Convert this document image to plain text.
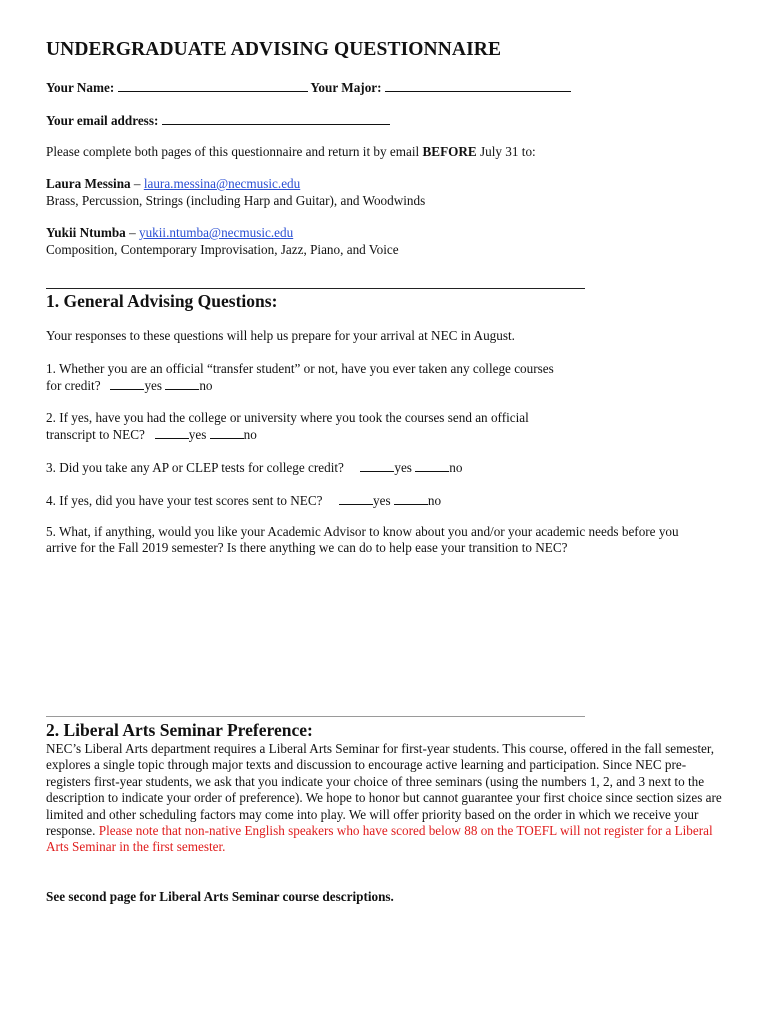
UNDERGRADUATE ADVISING QUESTIONNAIRE
Your Name:	Your Major:
Your email address:
Please complete both pages of this questionnaire and return it by email BEFORE July 31 to:
Laura Messina – laura.messina@necmusic.edu
Brass, Percussion, Strings (including Harp and Guitar), and Woodwinds
Yukii Ntumba – yukii.ntumba@necmusic.edu
Composition, Contemporary Improvisation, Jazz, Piano, and Voice
1. General Advising Questions:
Your responses to these questions will help us prepare for your arrival at NEC in August.
1. Whether you are an official “transfer student” or not, have you ever taken any college courses
for credit?	yes	no
2. If yes, have you had the college or university where you took the courses send an official
transcript to NEC?	yes	no
3. Did you take any AP or CLEP tests for college credit?	yes	no
4. If yes, did you have your test scores sent to NEC?	yes	no
5. What, if anything, would you like your Academic Advisor to know about you and/or your academic needs before you
arrive for the Fall 2019 semester? Is there anything we can do to help ease your transition to NEC?
2. Liberal Arts Seminar Preference:
NEC’s Liberal Arts department requires a Liberal Arts Seminar for first-year students. This course, offered in the fall semester, explores a single topic through major texts and discussion to encourage active learning and participation. Since NEC pre-registers first-year students, we ask that you indicate your choice of three seminars (using the numbers 1, 2, and 3 next to the description to indicate your order of preference). We hope to honor but cannot guarantee your first choice since section sizes are limited and other scheduling factors may come into play. We will offer priority based on the order in which we receive your response. Please note that non-native English speakers who have scored below 88 on the TOEFL will not register for a Liberal Arts Seminar in the first semester.
See second page for Liberal Arts Seminar course descriptions.
